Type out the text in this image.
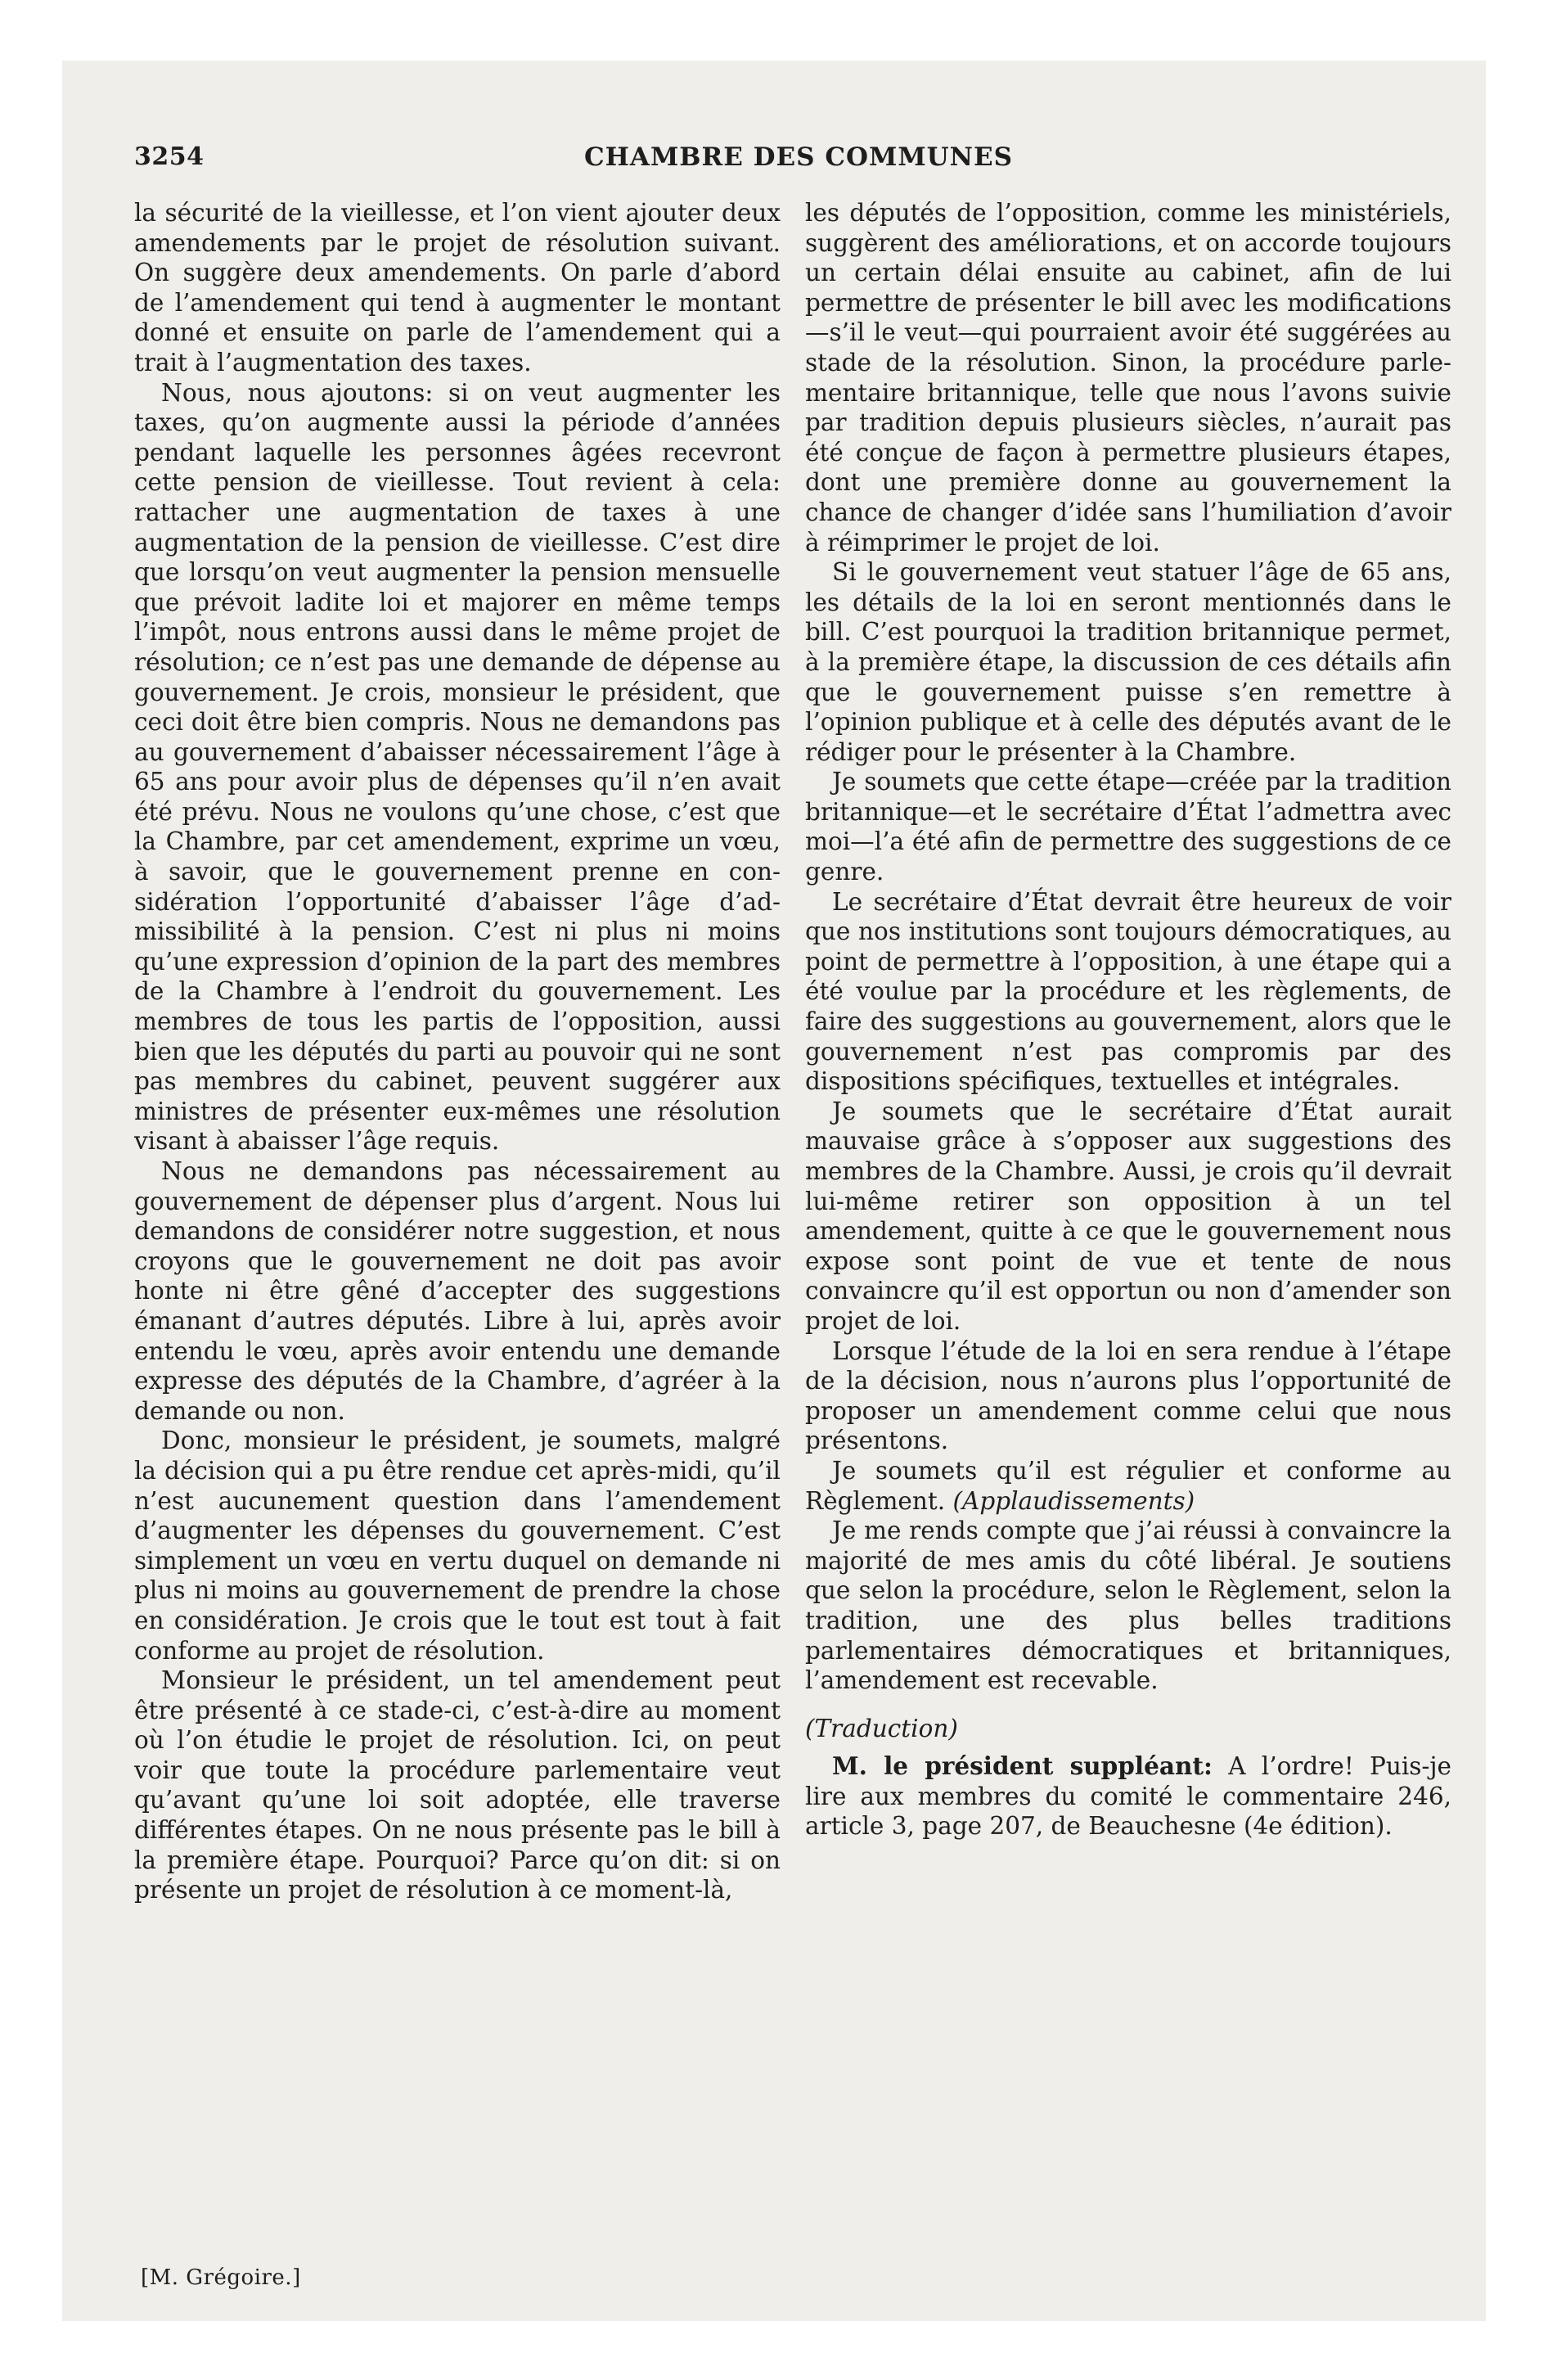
3254	CHAMBRE DES COMMUNES

la sécurité de la vieillesse, et l’on vient ajouter deux amendements par le projet de résolution suivant. On suggère deux amendements. On parle d’abord de l’amendement qui tend à augmenter le montant donné et ensuite on parle de l’amendement qui a trait à l’augmentation des taxes.

Nous, nous ajoutons: si on veut augmenter les taxes, qu’on augmente aussi la période d’années pendant laquelle les personnes âgées recevront cette pension de vieillesse. Tout revient à cela: rattacher une augmentation de taxes à une augmentation de la pension de vieillesse. C’est dire que lorsqu’on veut augmenter la pension mensuelle que prévoit ladite loi et majorer en même temps l’impôt, nous entrons aussi dans le même projet de résolution; ce n’est pas une demande de dépense au gouvernement. Je crois, monsieur le président, que ceci doit être bien compris. Nous ne demandons pas au gouvernement d’abaisser nécessairement l’âge à 65 ans pour avoir plus de dépenses qu’il n’en avait été prévu. Nous ne voulons qu’une chose, c’est que la Chambre, par cet amendement, exprime un vœu, à savoir, que le gouvernement prenne en considération l’opportunité d’abaisser l’âge d’admissibilité à la pension. C’est ni plus ni moins qu’une expression d’opinion de la part des membres de la Chambre à l’endroit du gouvernement. Les membres de tous les partis de l’opposition, aussi bien que les députés du parti au pouvoir qui ne sont pas membres du cabinet, peuvent suggérer aux ministres de présenter eux-mêmes une résolution visant à abaisser l’âge requis.

Nous ne demandons pas nécessairement au gouvernement de dépenser plus d’argent. Nous lui demandons de considérer notre suggestion, et nous croyons que le gouvernement ne doit pas avoir honte ni être gêné d’accepter des suggestions émanant d’autres députés. Libre à lui, après avoir entendu le vœu, après avoir entendu une demande expresse des députés de la Chambre, d’agréer à la demande ou non.

Donc, monsieur le président, je soumets, malgré la décision qui a pu être rendue cet après-midi, qu’il n’est aucunement question dans l’amendement d’augmenter les dépenses du gouvernement. C’est simplement un vœu en vertu duquel on demande ni plus ni moins au gouvernement de prendre la chose en considération. Je crois que le tout est tout à fait conforme au projet de résolution.

Monsieur le président, un tel amendement peut être présenté à ce stade-ci, c’est-à-dire au moment où l’on étudie le projet de résolution. Ici, on peut voir que toute la procédure parlementaire veut qu’avant qu’une loi soit adoptée, elle traverse différentes étapes. On ne nous présente pas le bill à la première étape. Pourquoi? Parce qu’on dit: si on présente un projet de résolution à ce moment-là,

les députés de l’opposition, comme les ministériels, suggèrent des améliorations, et on accorde toujours un certain délai ensuite au cabinet, afin de lui permettre de présenter le bill avec les modifications—s’il le veut—qui pourraient avoir été suggérées au stade de la résolution. Sinon, la procédure parlementaire britannique, telle que nous l’avons suivie par tradition depuis plusieurs siècles, n’aurait pas été conçue de façon à permettre plusieurs étapes, dont une première donne au gouvernement la chance de changer d’idée sans l’humiliation d’avoir à réimprimer le projet de loi.

Si le gouvernement veut statuer l’âge de 65 ans, les détails de la loi en seront mentionnés dans le bill. C’est pourquoi la tradition britannique permet, à la première étape, la discussion de ces détails afin que le gouvernement puisse s’en remettre à l’opinion publique et à celle des députés avant de le rédiger pour le présenter à la Chambre.

Je soumets que cette étape—créée par la tradition britannique—et le secrétaire d’État l’admettra avec moi—l’a été afin de permettre des suggestions de ce genre.

Le secrétaire d’État devrait être heureux de voir que nos institutions sont toujours démocratiques, au point de permettre à l’opposition, à une étape qui a été voulue par la procédure et les règlements, de faire des suggestions au gouvernement, alors que le gouvernement n’est pas compromis par des dispositions spécifiques, textuelles et intégrales.

Je soumets que le secrétaire d’État aurait mauvaise grâce à s’opposer aux suggestions des membres de la Chambre. Aussi, je crois qu’il devrait lui-même retirer son opposition à un tel amendement, quitte à ce que le gouvernement nous expose sont point de vue et tente de nous convaincre qu’il est opportun ou non d’amender son projet de loi.

Lorsque l’étude de la loi en sera rendue à l’étape de la décision, nous n’aurons plus l’opportunité de proposer un amendement comme celui que nous présentons.

Je soumets qu’il est régulier et conforme au Règlement. (Applaudissements)

Je me rends compte que j’ai réussi à convaincre la majorité de mes amis du côté libéral. Je soutiens que selon la procédure, selon le Règlement, selon la tradition, une des plus belles traditions parlementaires démocratiques et britanniques, l’amendement est recevable.

(Traduction)

M. le président suppléant: A l’ordre! Puis-je lire aux membres du comité le commentaire 246, article 3, page 207, de Beauchesne (4e édition).

[M. Grégoire.]
